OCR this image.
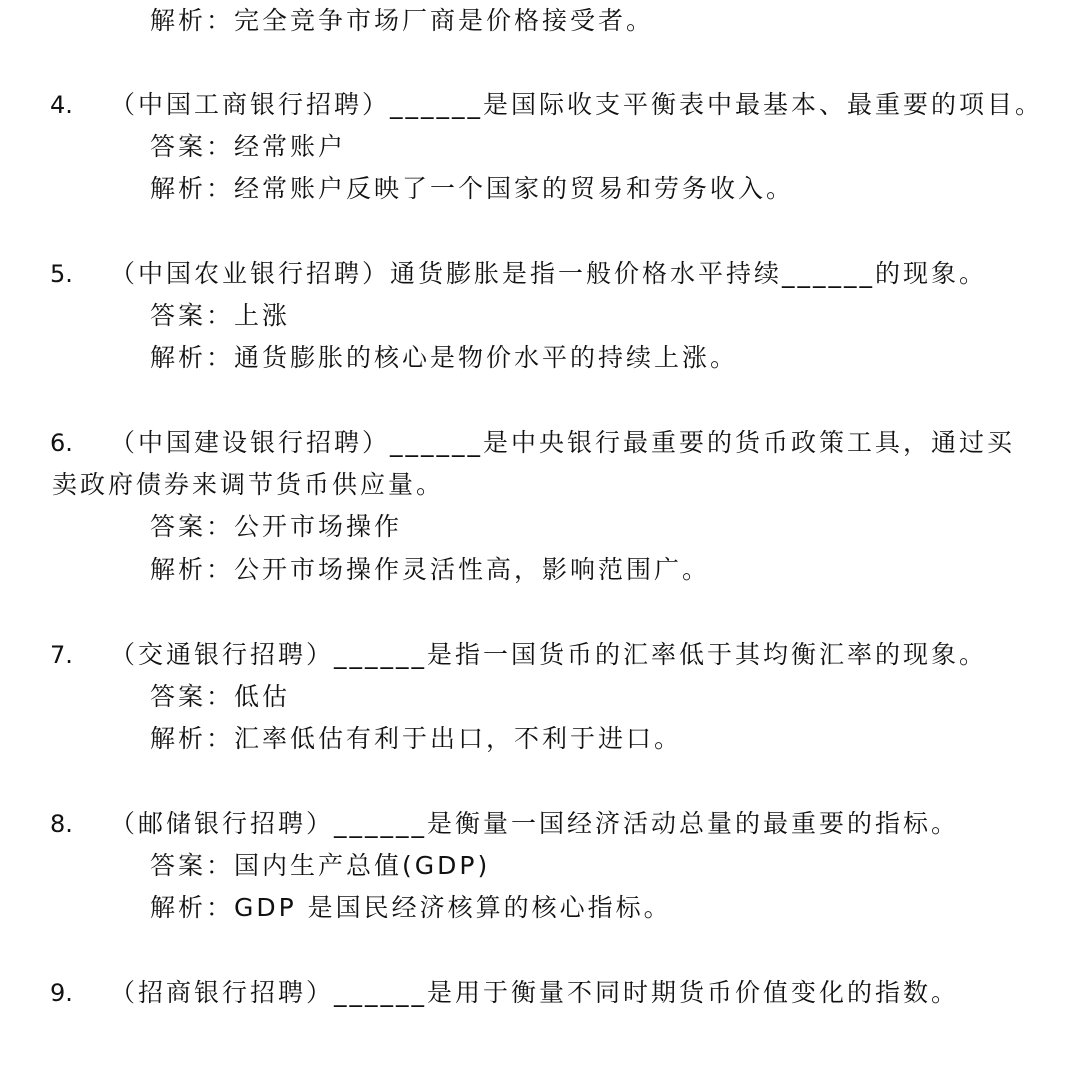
解析：完全竞争市场厂商是价格接受者。
4. （中国工商银行招聘）______是国际收支平衡表中最基本、最重要的项目。
答案：经常账户
解析：经常账户反映了一个国家的贸易和劳务收入。
5. （中国农业银行招聘）通货膨胀是指一般价格水平持续______的现象。
答案：上涨
解析：通货膨胀的核心是物价水平的持续上涨。
6. （中国建设银行招聘）______是中央银行最重要的货币政策工具，通过买
卖政府债券来调节货币供应量。
答案：公开市场操作
解析：公开市场操作灵活性高，影响范围广。
7. （交通银行招聘）______是指一国货币的汇率低于其均衡汇率的现象。
答案：低估
解析：汇率低估有利于出口，不利于进口。
8. （邮储银行招聘）______是衡量一国经济活动总量的最重要的指标。
答案：国内生产总值(GDP)
解析：GDP 是国民经济核算的核心指标。
9. （招商银行招聘）______是用于衡量不同时期货币价值变化的指数。
